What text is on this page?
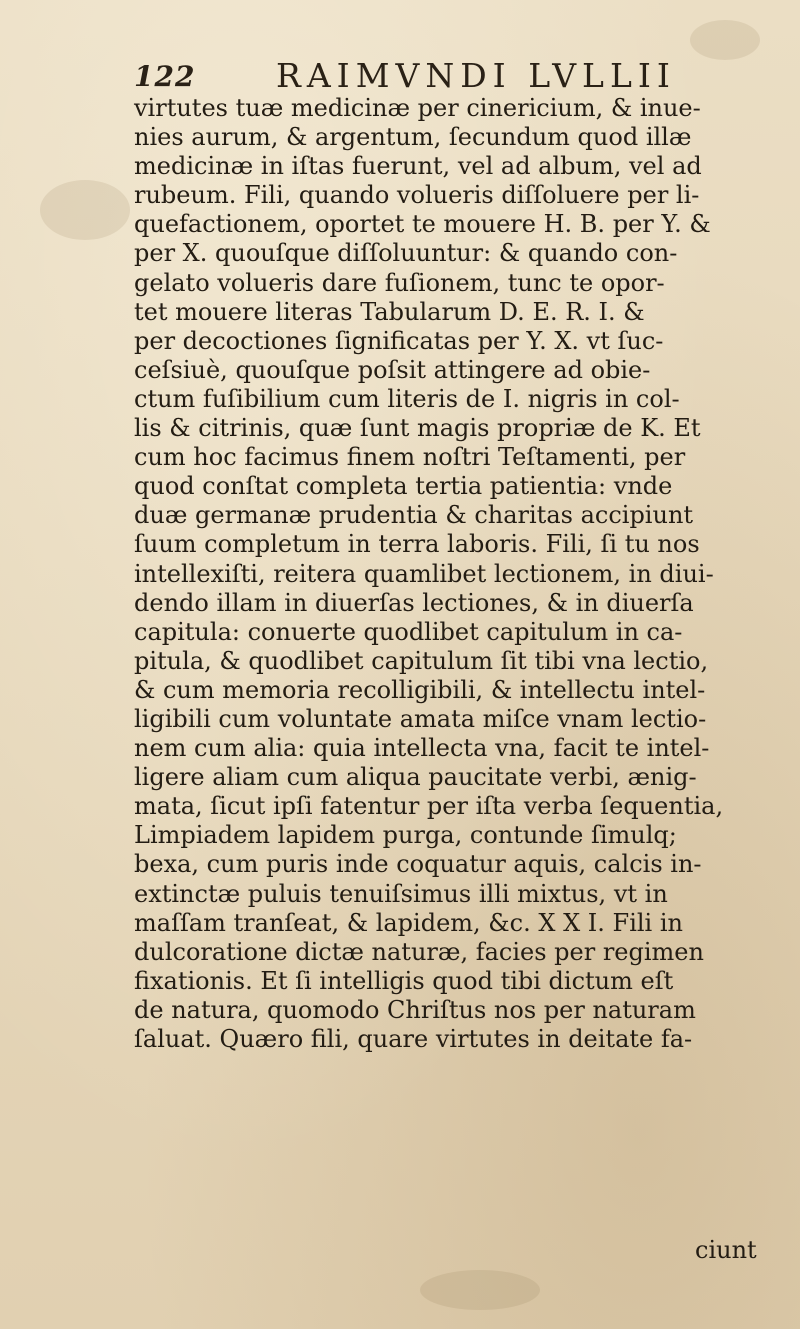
122 RAIMVNDI LVLLII
virtutes tuæ medicinæ per cinericium, & inue-
nies aurum, & argentum, ſecundum quod illæ
medicinæ in iſtas fuerunt, vel ad album, vel ad
rubeum. Fili, quando volueris diſſoluere per li-
quefactionem, oportet te mouere H. B. per Y. &
per X. quouſque diſſoluuntur: & quando con-
gelato volueris dare fuſionem, tunc te opor-
tet mouere literas Tabularum D. E. R. I. &
per decoctiones ſignificatas per Y. X. vt ſuc-
ceſsiuè, quouſque poſsit attingere ad obie-
ctum fuſibilium cum literis de I. nigris in col-
lis & citrinis, quæ ſunt magis propriæ de K. Et
cum hoc facimus finem noſtri Teſtamenti, per
quod conſtat completa tertia patientia: vnde
duæ germanæ prudentia & charitas accipiunt
ſuum completum in terra laboris. Fili, ſi tu nos
intellexiſti, reitera quamlibet lectionem, in diui-
dendo illam in diuerſas lectiones, & in diuerſa
capitula: conuerte quodlibet capitulum in ca-
pitula, & quodlibet capitulum ſit tibi vna lectio,
& cum memoria recolligibili, & intellectu intel-
ligibili cum voluntate amata miſce vnam lectio-
nem cum alia: quia intellecta vna, facit te intel-
ligere aliam cum aliqua paucitate verbi, ænig-
mata, ſicut ipſi fatentur per iſta verba ſequentia,
Limpiadem lapidem purga, contunde ſimulq;
bexa, cum puris inde coquatur aquis, calcis in-
extinctæ puluis tenuiſsimus illi mixtus, vt in
maſſam tranſeat, & lapidem, &c. X X I. Fili in
dulcoratione dictæ naturæ, facies per regimen
fixationis. Et ſi intelligis quod tibi dictum eſt
de natura, quomodo Chriſtus nos per naturam
ſaluat. Quæro fili, quare virtutes in deitate fa-
ciunt
